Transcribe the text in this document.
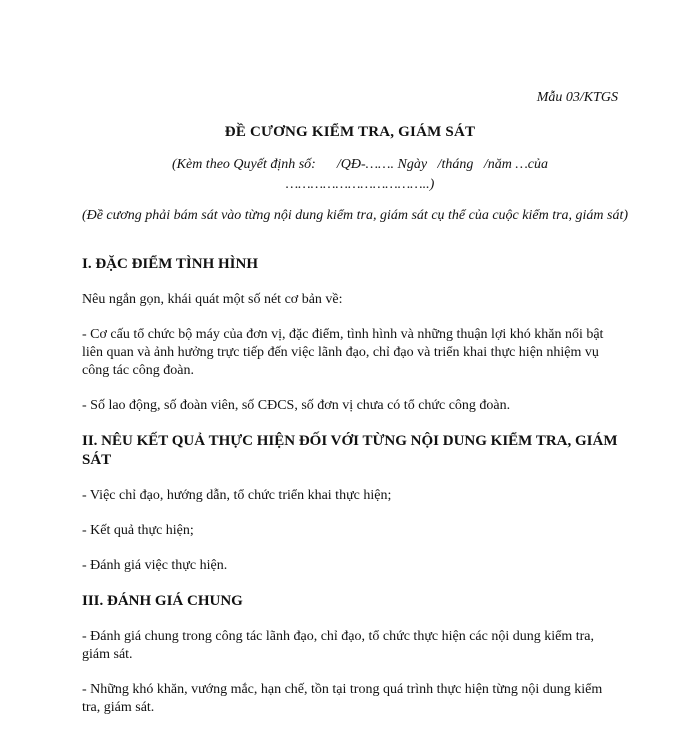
Mẫu 03/KTGS
ĐỀ CƯƠNG KIỂM TRA, GIÁM SÁT
(Kèm theo Quyết định số:      /QĐ-……. Ngày   /tháng   /năm …của ……………………………..)
(Đề cương phải bám sát vào từng nội dung kiểm tra, giám sát cụ thể của cuộc kiểm tra, giám sát)
I. ĐẶC ĐIỂM TÌNH HÌNH
Nêu ngắn gọn, khái quát một số nét cơ bản về:
- Cơ cấu tổ chức bộ máy của đơn vị, đặc điểm, tình hình và những thuận lợi khó khăn nổi bật liên quan và ảnh hưởng trực tiếp đến việc lãnh đạo, chỉ đạo và triển khai thực hiện nhiệm vụ công tác công đoàn.
- Số lao động, số đoàn viên, số CĐCS, số đơn vị chưa có tổ chức công đoàn.
II. NÊU KẾT QUẢ THỰC HIỆN ĐỐI VỚI TỪNG NỘI DUNG KIỂM TRA, GIÁM SÁT
- Việc chỉ đạo, hướng dẫn, tổ chức triển khai thực hiện;
- Kết quả thực hiện;
- Đánh giá việc thực hiện.
III. ĐÁNH GIÁ CHUNG
- Đánh giá chung trong công tác lãnh đạo, chỉ đạo, tổ chức thực hiện các nội dung kiểm tra, giám sát.
- Những khó khăn, vướng mắc, hạn chế, tồn tại trong quá trình thực hiện từng nội dung kiểm tra, giám sát.
